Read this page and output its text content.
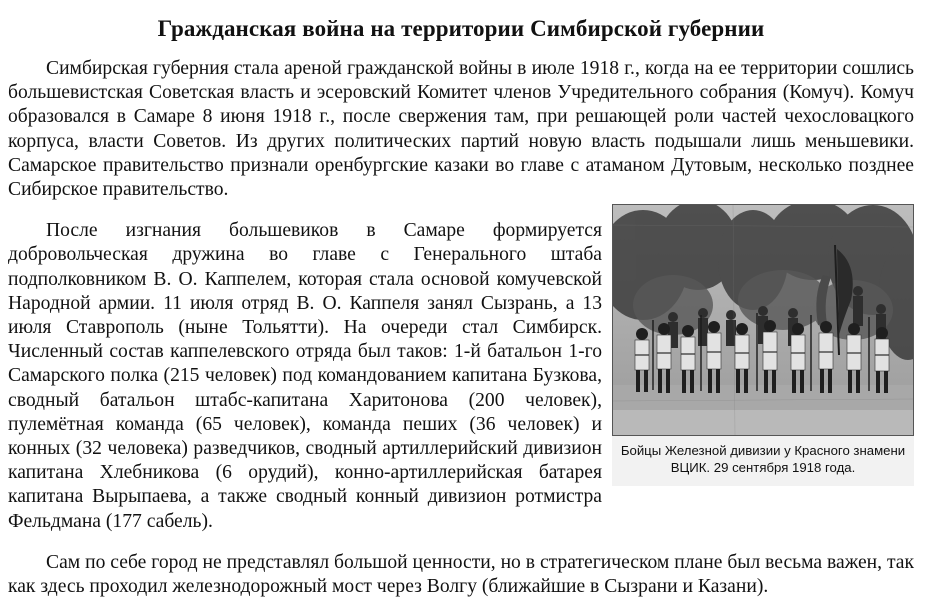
Гражданская война на территории Симбирской губернии

Симбирская губерния стала ареной гражданской войны в июле 1918 г., когда на ее территории сошлись большевистская Советская власть и эсеровский Комитет членов Учредительного собрания (Комуч). Комуч образовался в Самаре 8 июня 1918 г., после свержения там, при решающей роли частей чехословацкого корпуса, власти Советов. Из других политических партий новую власть подышали лишь меньшевики. Самарское правительство признали оренбургские казаки во главе с атаманом Дутовым, несколько позднее Сибирское правительство.

Бойцы Железной дивизии у Красного знамени
ВЦИК. 29 сентября 1918 года.

После изгнания большевиков в Самаре формируется добровольческая дружина во главе с Генерального штаба подполковником В. О. Каппелем, которая стала основой комучевской Народной армии. 11 июля отряд В. О. Каппеля занял Сызрань, а 13 июля Ставрополь (ныне Тольятти). На очереди стал Симбирск. Численный состав каппелевского отряда был таков: 1-й батальон 1-го Самарского полка (215 человек) под командованием капитана Бузкова, сводный батальон штабс-капитана Харитонова (200 человек), пулемётная команда (65 человек), команда пеших (36 человек) и конных (32 человека) разведчиков, сводный артиллерийский дивизион капитана Хлебникова (6 орудий), конно-артиллерийская батарея капитана Вырыпаева, а также сводный конный дивизион ротмистра Фельдмана (177 сабель).

Сам по себе город не представлял большой ценности, но в стратегическом плане был весьма важен, так как здесь проходил железнодорожный мост через Волгу (ближайшие в Сызрани и Казани).
